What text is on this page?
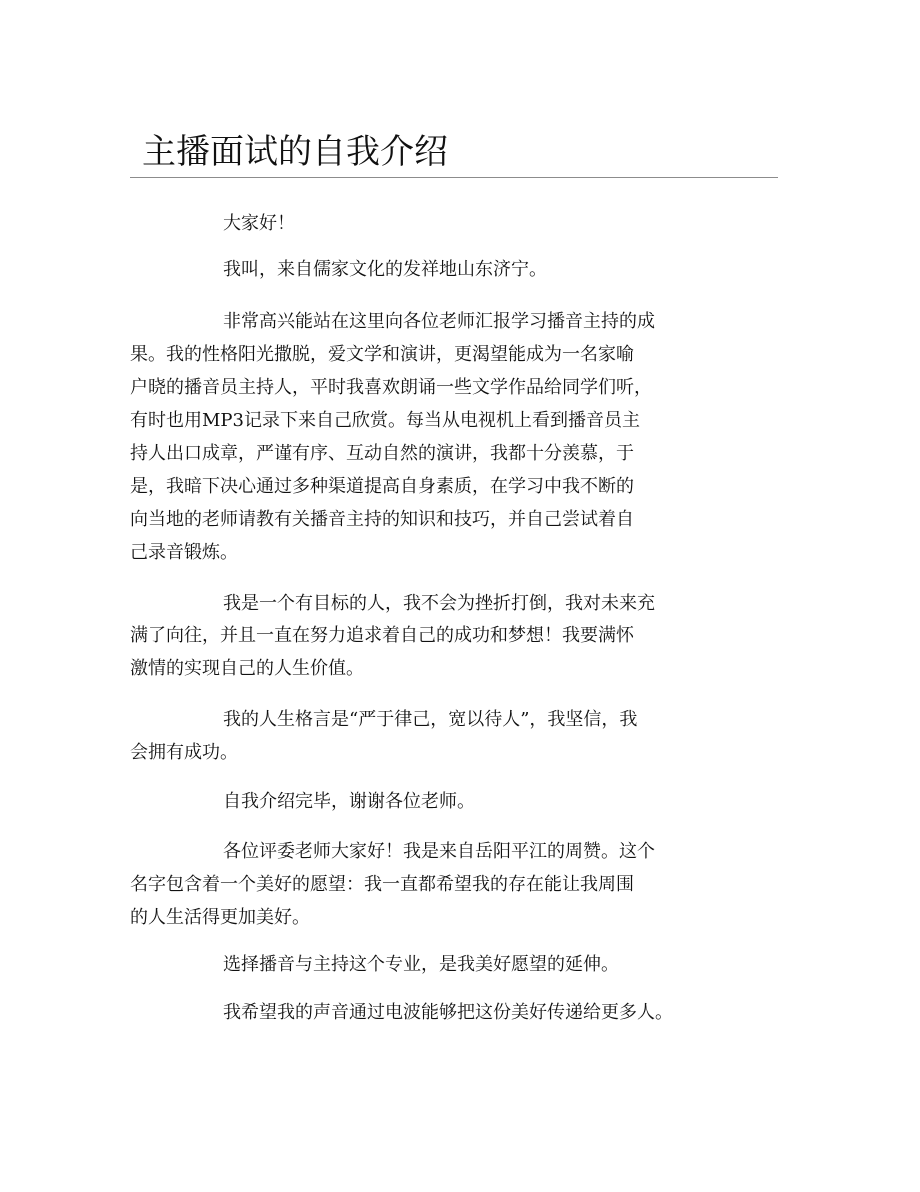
主播面试的自我介绍

大家好！

我叫，来自儒家文化的发祥地山东济宁。

非常高兴能站在这里向各位老师汇报学习播音主持的成

果。我的性格阳光撒脱，爱文学和演讲，更渴望能成为一名家喻

户晓的播音员主持人，平时我喜欢朗诵一些文学作品给同学们听，

有时也用MP3记录下来自己欣赏。每当从电视机上看到播音员主

持人出口成章，严谨有序、互动自然的演讲，我都十分羡慕，于

是，我暗下决心通过多种渠道提高自身素质，在学习中我不断的

向当地的老师请教有关播音主持的知识和技巧，并自己尝试着自

己录音锻炼。

我是一个有目标的人，我不会为挫折打倒，我对未来充

满了向往，并且一直在努力追求着自己的成功和梦想！我要满怀

激情的实现自己的人生价值。

我的人生格言是“严于律己，宽以待人”，我坚信，我

会拥有成功。

自我介绍完毕，谢谢各位老师。

各位评委老师大家好！我是来自岳阳平江的周赞。这个

名字包含着一个美好的愿望：我一直都希望我的存在能让我周围

的人生活得更加美好。

选择播音与主持这个专业，是我美好愿望的延伸。

我希望我的声音通过电波能够把这份美好传递给更多人。
